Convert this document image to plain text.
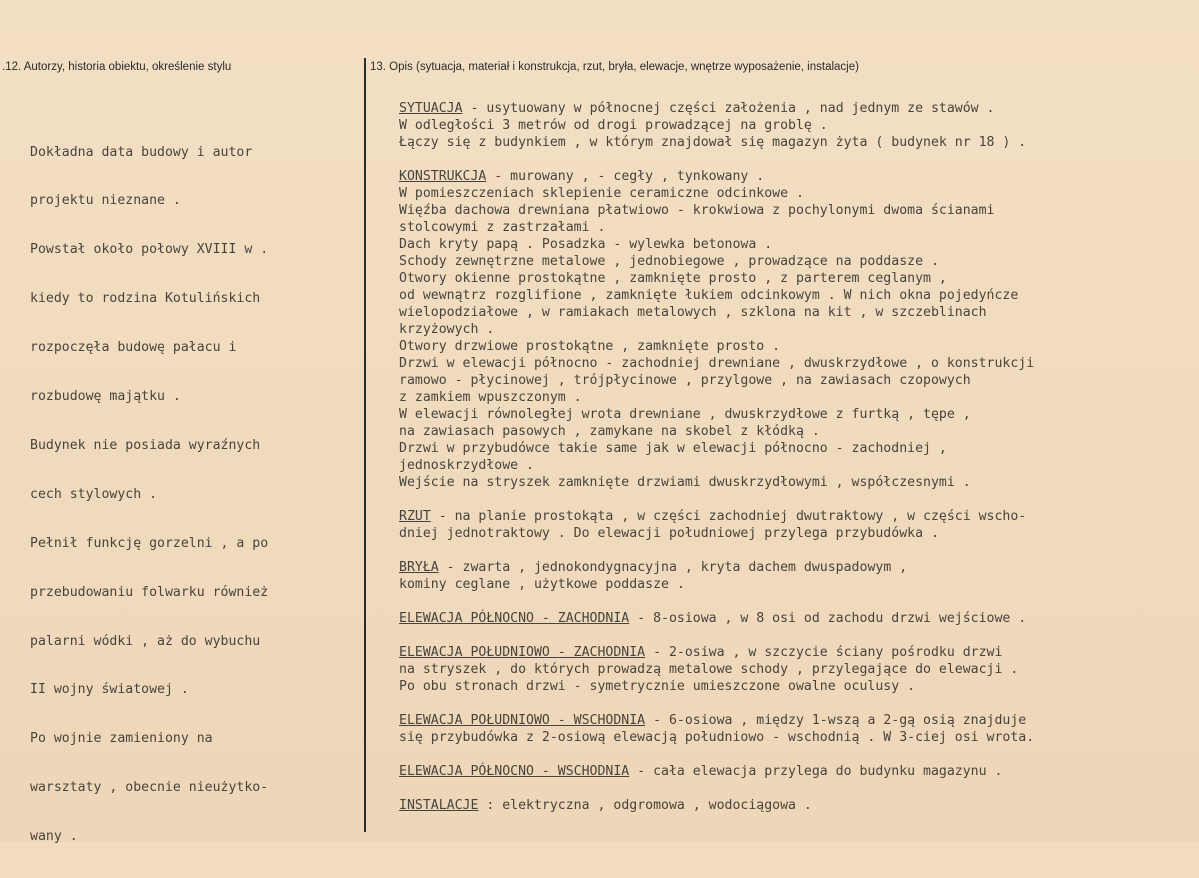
.12. Autorzy, historia obiektu, określenie stylu	13. Opis (sytuacja, materiał i konstrukcja, rzut, bryła, elewacje, wnętrze wyposażenie, instalacje)

Dokładna data budowy i autor

projektu nieznane .

Powstał około połowy XVIII w .

kiedy to rodzina Kotulińskich

rozpoczęła budowę pałacu i

rozbudowę majątku .

Budynek nie posiada wyraźnych

cech stylowych .

Pełnił funkcję gorzelni , a po

przebudowaniu folwarku również

palarni wódki , aż do wybuchu

II wojny światowej .

Po wojnie zamieniony na

warsztaty , obecnie nieużytko-

wany .

SYTUACJA - usytuowany w północnej części założenia , nad jednym ze stawów .
W odległości 3 metrów od drogi prowadzącej na groblę .
Łączy się z budynkiem , w którym znajdował się magazyn żyta ( budynek nr 18 ) .
KONSTRUKCJA - murowany , - cegły , tynkowany .
W pomieszczeniach sklepienie ceramiczne odcinkowe .
Więźba dachowa drewniana płatwiowo - krokwiowa z pochylonymi dwoma ścianami
stolcowymi z zastrzałami .
Dach kryty papą . Posadzka - wylewka betonowa .
Schody zewnętrzne metalowe , jednobiegowe , prowadzące na poddasze .
Otwory okienne prostokątne , zamknięte prosto , z parterem ceglanym ,
od wewnątrz rozglifione , zamknięte łukiem odcinkowym . W nich okna pojedyńcze
wielopodziałowe , w ramiakach metalowych , szklona na kit , w szczeblinach
krzyżowych .
Otwory drzwiowe prostokątne , zamknięte prosto .
Drzwi w elewacji północno - zachodniej drewniane , dwuskrzydłowe , o konstrukcji
ramowo - płycinowej , trójpłycinowe , przylgowe , na zawiasach czopowych
z zamkiem wpuszczonym .
W elewacji równoległej wrota drewniane , dwuskrzydłowe z furtką , tępe ,
na zawiasach pasowych , zamykane na skobel z kłódką .
Drzwi w przybudówce takie same jak w elewacji północno - zachodniej ,
jednoskrzydłowe .
Wejście na stryszek zamknięte drzwiami dwuskrzydłowymi , współczesnymi .
RZUT - na planie prostokąta , w części zachodniej dwutraktowy , w części wscho-
dniej jednotraktowy . Do elewacji południowej przylega przybudówka .
BRYŁA - zwarta , jednokondygnacyjna , kryta dachem dwuspadowym ,
kominy ceglane , użytkowe poddasze .
ELEWACJA PÓŁNOCNO - ZACHODNIA - 8-osiowa , w 8 osi od zachodu drzwi wejściowe .
ELEWACJA POŁUDNIOWO - ZACHODNIA - 2-osiwa , w szczycie ściany pośrodku drzwi
na stryszek , do których prowadzą metalowe schody , przylegające do elewacji .
Po obu stronach drzwi - symetrycznie umieszczone owalne oculusy .
ELEWACJA POŁUDNIOWO - WSCHODNIA - 6-osiowa , między 1-wszą a 2-gą osią znajduje
się przybudówka z 2-osiową elewacją południowo - wschodnią . W 3-ciej osi wrota.
ELEWACJA PÓŁNOCNO - WSCHODNIA - cała elewacja przylega do budynku magazynu .
INSTALACJE : elektryczna , odgromowa , wodociągowa .
